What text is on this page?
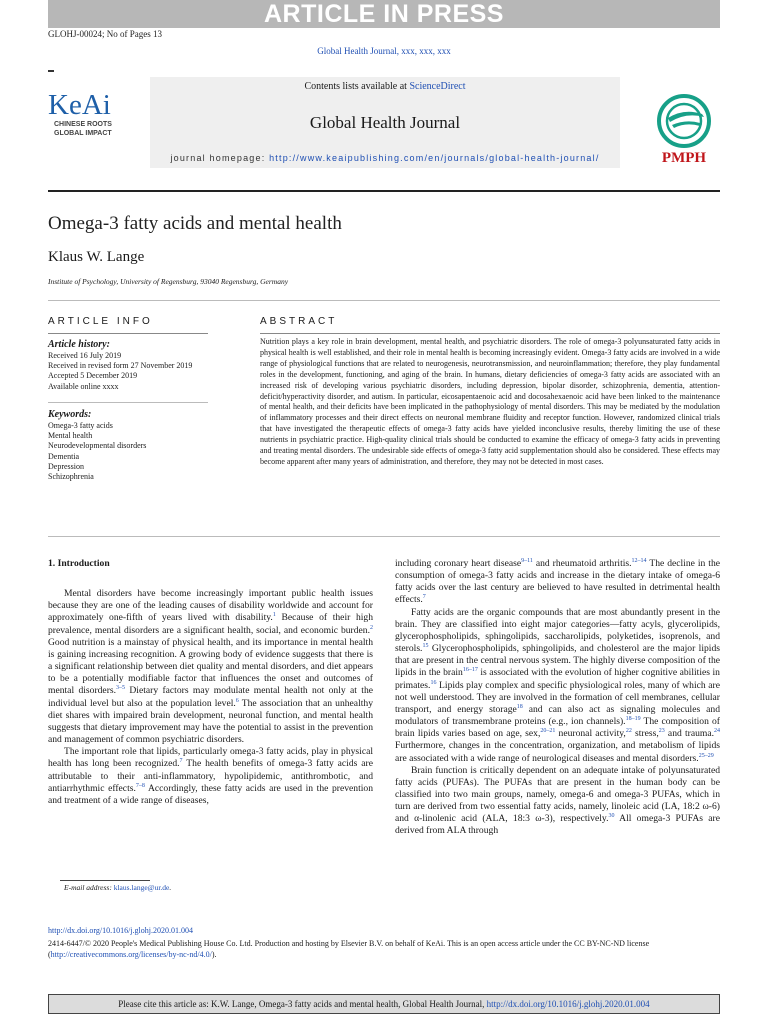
ARTICLE IN PRESS
GLOHJ-00024; No of Pages 13
Global Health Journal, xxx, xxx, xxx
KeAi
CHINESE ROOTS
GLOBAL IMPACT
Contents lists available at ScienceDirect
Global Health Journal
journal homepage: http://www.keaipublishing.com/en/journals/global-health-journal/	PMPH
Omega-3 fatty acids and mental health
Klaus W. Lange
Institute of Psychology, University of Regensburg, 93040 Regensburg, Germany
ARTICLE INFO
Article history:
Received 16 July 2019
Received in revised form 27 November 2019
Accepted 5 December 2019
Available online xxxx
Keywords:
Omega-3 fatty acids
Mental health
Neurodevelopmental disorders
Dementia
Depression
Schizophrenia
ABSTRACT
Nutrition plays a key role in brain development, mental health, and psychiatric disorders. The role of omega-3 polyunsaturated fatty acids in physical health is well established, and their role in mental health is becoming increasingly evident. Omega-3 fatty acids are involved in a wide range of physiological functions that are related to neurogenesis, neurotransmission, and neuroinflammation; therefore, they play fundamental roles in the development, functioning, and aging of the brain. In humans, dietary deficiencies of omega-3 fatty acids are associated with an increased risk of developing various psychiatric disorders, including depression, bipolar disorder, schizophrenia, dementia, attention-deficit/hyperactivity disorder, and autism. In particular, eicosapentaenoic acid and docosahexaenoic acid have been linked to the maintenance of mental health, and their deficits have been implicated in the pathophysiology of mental disorders. This may be mediated by the modulation of inflammatory processes and their direct effects on neuronal membrane fluidity and receptor function. However, randomized clinical trials that have investigated the therapeutic effects of omega-3 fatty acids have yielded inconclusive results, thereby limiting the use of these nutrients in psychiatric practice. High-quality clinical trials should be conducted to examine the efficacy of omega-3 fatty acids in preventing and treating mental disorders. The undesirable side effects of omega-3 fatty acid supplementation should also be considered. These effects may become apparent after many years of administration, and therefore, they may not be detected in most cases.
1. Introduction

Mental disorders have become increasingly important public health issues because they are one of the leading causes of disability worldwide and account for approximately one-fifth of years lived with disability.$^1$ Because of their high prevalence, mental disorders are a significant health, social, and economic burden.$^2$ Good nutrition is a mainstay of physical health, and its importance in mental health is gaining increasing recognition. A growing body of evidence suggests that there is a significant relationship between diet quality and mental disorders, and diet appears to be a potentially modifiable factor that influences the onset and outcomes of mental disorders.$^{3-5}$ Dietary factors may modulate mental health not only at the individual level but also at the population level.$^6$ The association that an unhealthy diet shares with impaired brain development, neuronal function, and mental health suggests that dietary improvement may have the potential to assist in the prevention and management of common psychiatric disorders.

The important role that lipids, particularly omega-3 fatty acids, play in physical health has long been recognized.$^7$ The health benefits of omega-3 fatty acids are attributable to their anti-inflammatory, hypolipidemic, antithrombotic, and antiarrhythmic effects.$^{7-8}$ Accordingly, these fatty acids are used in the prevention and treatment of a wide range of diseases,

including coronary heart disease$^{9-11}$ and rheumatoid arthritis.$^{12-14}$ The decline in the consumption of omega-3 fatty acids and increase in the dietary intake of omega-6 fatty acids over the last century are believed to have resulted in detrimental health effects.$^7$

Fatty acids are the organic compounds that are most abundantly present in the brain. They are classified into eight major categories—fatty acyls, glycerolipids, glycerophospholipids, sphingolipids, saccharolipids, polyketides, isoprenols, and sterols.$^{15}$ Glycerophospholipids, sphingolipids, and cholesterol are the major lipids that are present in the central nervous system. The highly diverse composition of the lipids in the brain$^{16-17}$ is associated with the evolution of higher cognitive abilities in primates.$^{16}$ Lipids play complex and specific physiological roles, many of which are not well understood. They are involved in the formation of cell membranes, cellular transport, and energy storage$^{18}$ and can also act as signaling molecules and modulators of transmembrane proteins (e.g., ion channels).$^{18-19}$ The composition of brain lipids varies based on age, sex,$^{20-21}$ neuronal activity,$^{22}$ stress,$^{23}$ and trauma.$^{24}$ Furthermore, changes in the concentration, organization, and metabolism of lipids are associated with a wide range of neurological diseases and mental disorders.$^{25-29}$

Brain function is critically dependent on an adequate intake of polyunsaturated fatty acids (PUFAs). The PUFAs that are present in the human body can be classified into two main groups, namely, omega-6 and omega-3 PUFAs, which in turn are derived from two essential fatty acids, namely, linoleic acid (LA, 18:2 ω-6) and α-linolenic acid (ALA, 18:3 ω-3), respectively.$^{30}$ All omega-3 PUFAs are derived from ALA through

E-mail address: klaus.lange@ur.de.
http://dx.doi.org/10.1016/j.glohj.2020.01.004
2414-6447/© 2020 People's Medical Publishing House Co. Ltd. Production and hosting by Elsevier B.V. on behalf of KeAi. This is an open access article under the CC BY-NC-ND license (http://creativecommons.org/licenses/by-nc-nd/4.0/).
Please cite this article as: K.W. Lange, Omega-3 fatty acids and mental health, Global Health Journal, http://dx.doi.org/10.1016/j.glohj.2020.01.004
